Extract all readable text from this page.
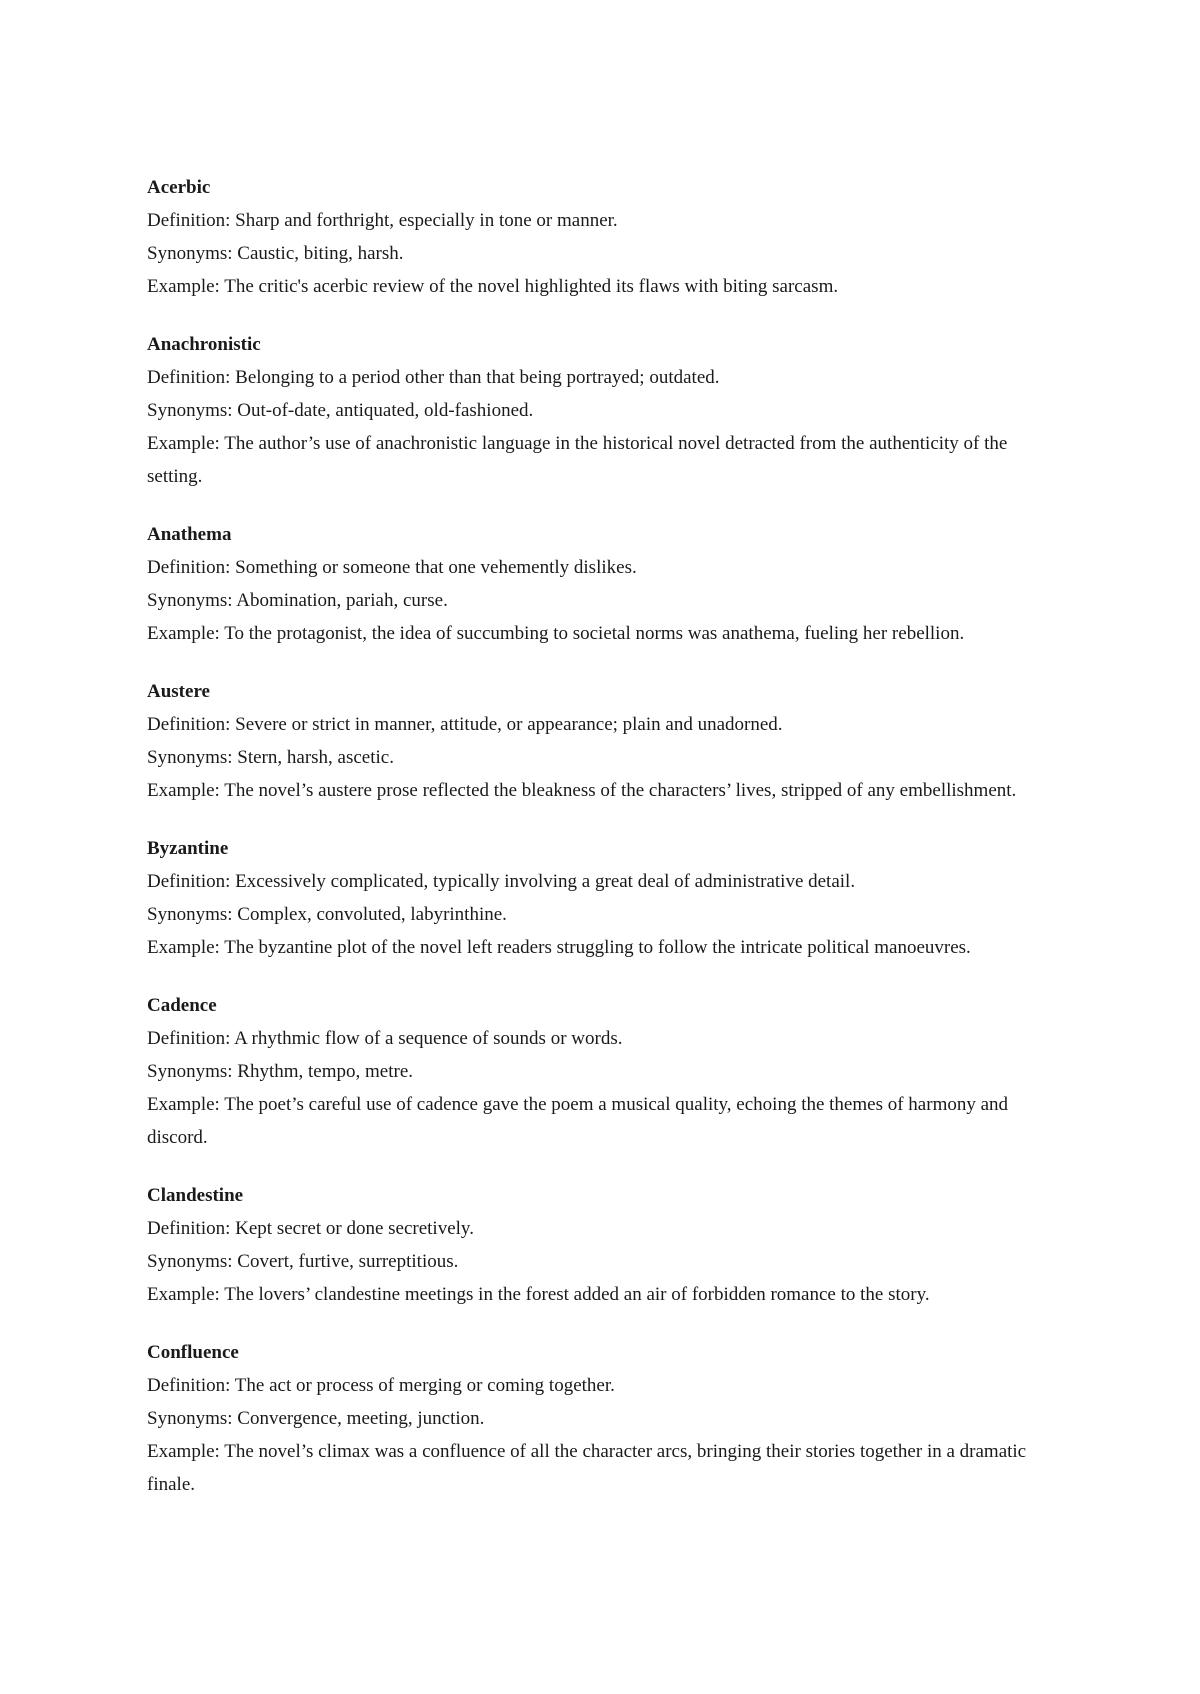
Acerbic

Definition : Sharp and forthright, especially in tone or manner.

Synonyms : Caustic, biting, harsh.

Example : The critic's acerbic review of the novel highlighted its flaws with biting sarcasm.

Anachronistic

Definition : Belonging to a period other than that being portrayed; outdated.

Synonyms : Out-of-date, antiquated, old-fashioned.

Example : The author’s use of anachronistic language in the historical novel detracted from the authenticity of the setting.

Anathema

Definition : Something or someone that one vehemently dislikes.

Synonyms : Abomination, pariah, curse.

Example : To the protagonist, the idea of succumbing to societal norms was anathema, fueling her rebellion.

Austere

Definition : Severe or strict in manner, attitude, or appearance; plain and unadorned.

Synonyms : Stern, harsh, ascetic.

Example : The novel’s austere prose reflected the bleakness of the characters’ lives, stripped of any embellishment.

Byzantine

Definition : Excessively complicated, typically involving a great deal of administrative detail.

Synonyms : Complex, convoluted, labyrinthine.

Example : The byzantine plot of the novel left readers struggling to follow the intricate political manoeuvres.

Cadence

Definition : A rhythmic flow of a sequence of sounds or words.

Synonyms : Rhythm, tempo, metre.

Example : The poet’s careful use of cadence gave the poem a musical quality, echoing the themes of harmony and discord.

Clandestine

Definition : Kept secret or done secretively.

Synonyms : Covert, furtive, surreptitious.

Example : The lovers’ clandestine meetings in the forest added an air of forbidden romance to the story.

Confluence

Definition : The act or process of merging or coming together.

Synonyms : Convergence, meeting, junction.

Example : The novel’s climax was a confluence of all the character arcs, bringing their stories together in a dramatic finale.
